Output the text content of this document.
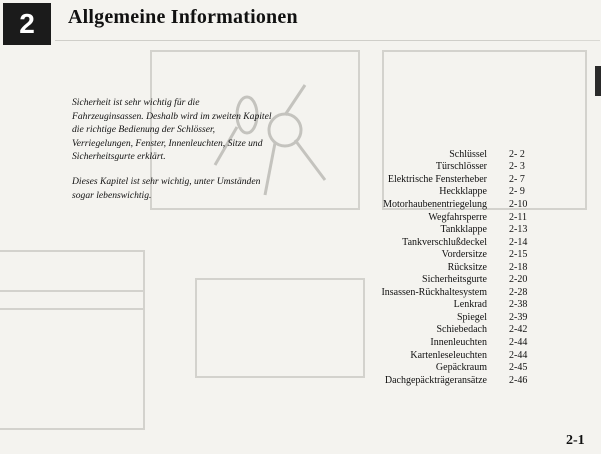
2 Allgemeine Informationen
Sicherheit ist sehr wichtig für die Fahrzeuginsassen. Deshalb wird im zweiten Kapitel die richtige Bedienung der Schlösser, Verriegelungen, Fenster, Innenleuchten, Sitze und Sicherheitsgurte erklärt.
Dieses Kapitel ist sehr wichtig, unter Umständen sogar lebenswichtig.
Schlüssel	2- 2
Türschlösser	2- 3
Elektrische Fensterheber	2- 7
Heckklappe	2- 9
Motorhaubenentriegelung	2-10
Wegfahrsperre	2-11
Tankklappe	2-13
Tankverschlußdeckel	2-14
Vordersitze	2-15
Rücksitze	2-18
Sicherheitsgurte	2-20
Insassen-Rückhaltesystem	2-28
Lenkrad	2-38
Spiegel	2-39
Schiebedach	2-42
Innenleuchten	2-44
Kartenleseleuchten	2-44
Gepäckraum	2-45
Dachgepäckträgeransätze	2-46
2-1
